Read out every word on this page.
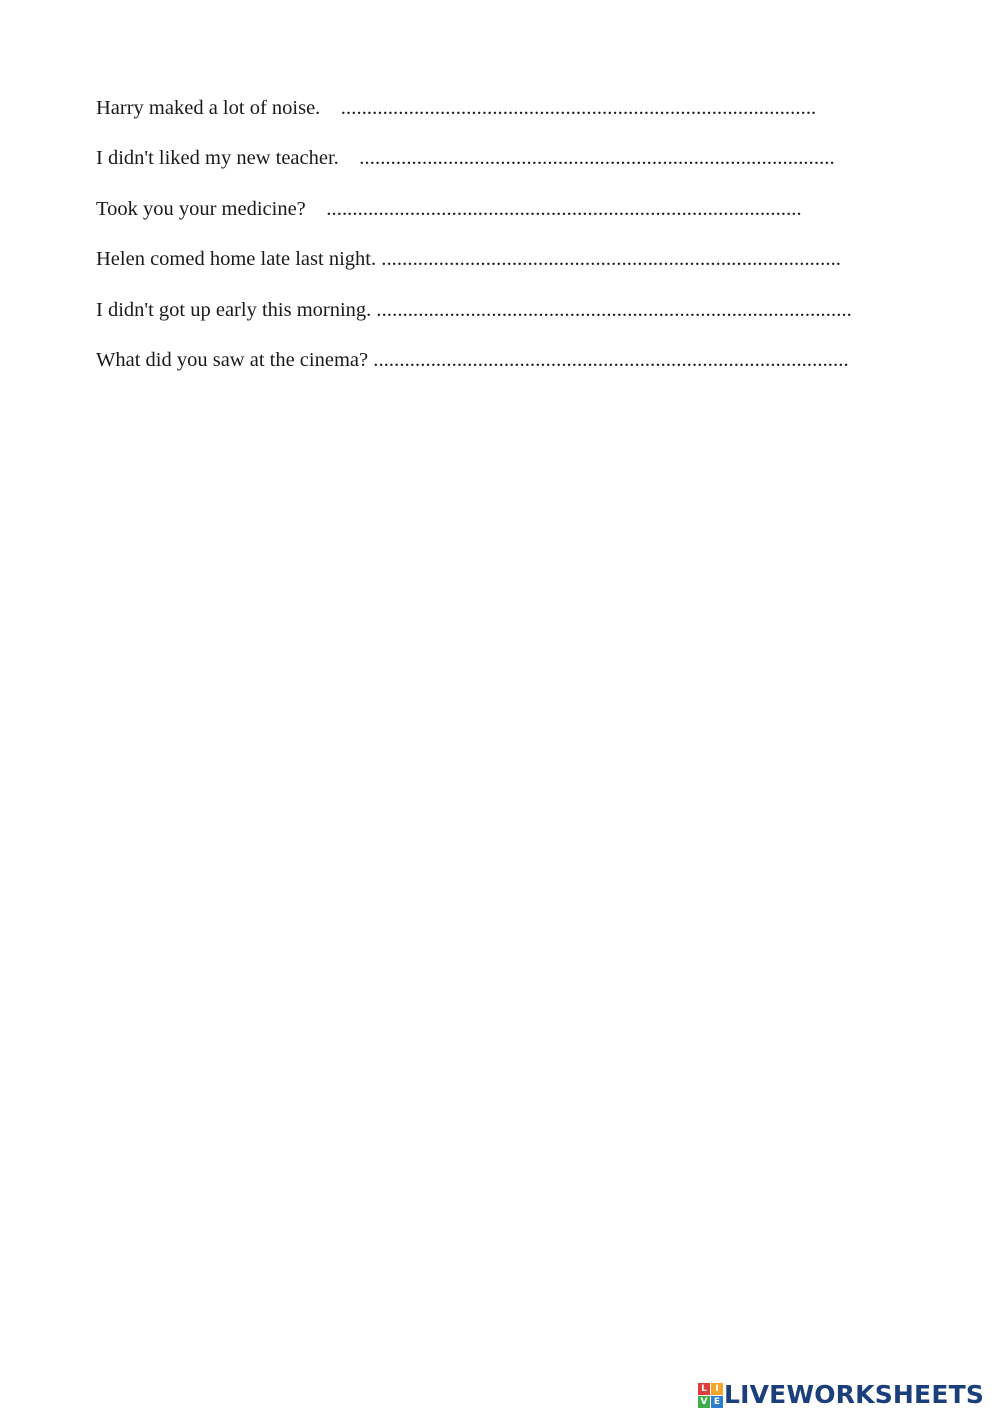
Harry maked a lot of noise. ...........................................................................................
I didn't liked my new teacher. ...........................................................................................
Took you your medicine? ...........................................................................................
Helen comed home late last night. ........................................................................................
I didn't got up early this morning. ...........................................................................................
What did you saw at the cinema? ...........................................................................................
L I
V E LIVEWORKSHEETS
